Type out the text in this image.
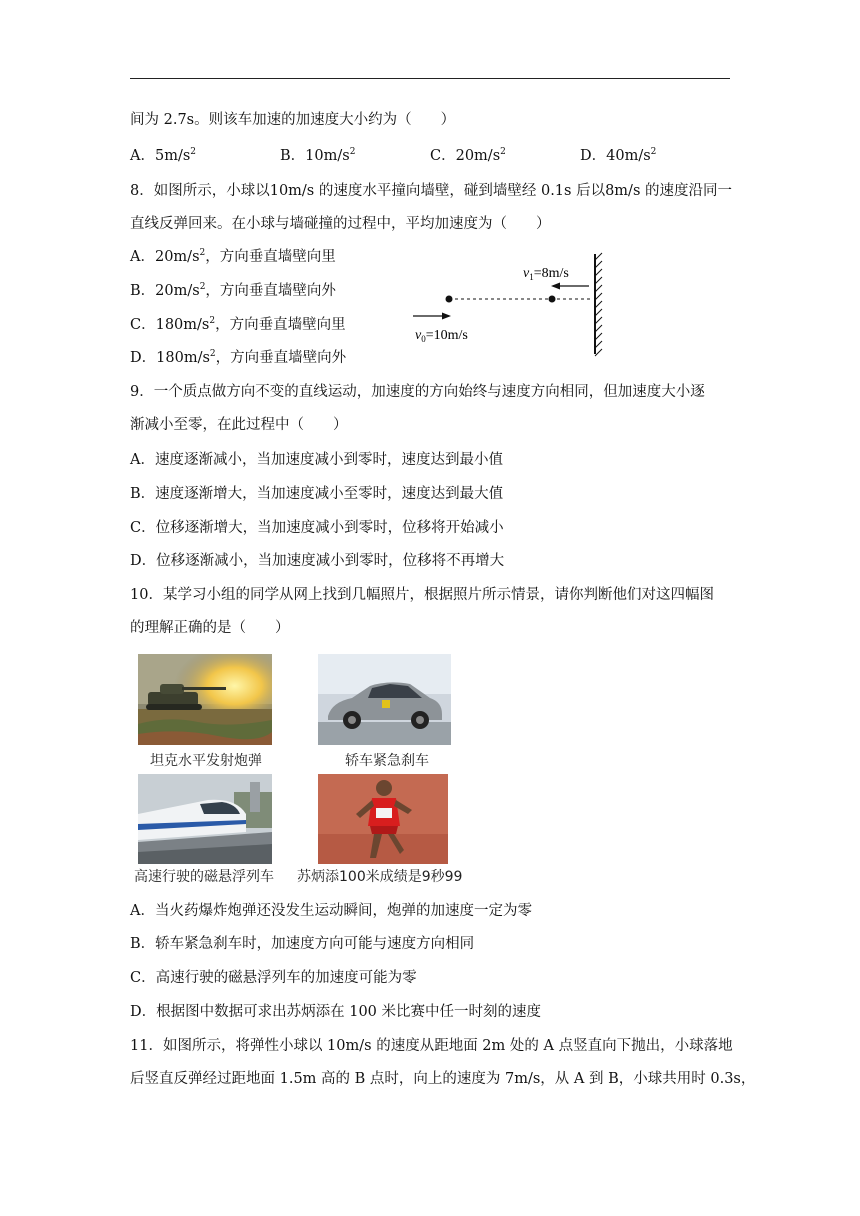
间为 2.7s。则该车加速的加速度大小约为（　　）
A．$5m/s^2$	B．$10m/s^2$	C．$20m/s^2$	D．$40m/s^2$
8．如图所示，小球以10m/s 的速度水平撞向墙壁，碰到墙壁经 0.1s 后以8m/s 的速度沿同一
直线反弹回来。在小球与墙碰撞的过程中，平均加速度为（　　）
A．$20m/s^2$，方向垂直墙壁向里
B．$20m/s^2$，方向垂直墙壁向外
C．$180m/s^2$，方向垂直墙壁向里
D．$180m/s^2$，方向垂直墙壁向外
$v_1=8m/s$
$v_0=10m/s$
9．一个质点做方向不变的直线运动，加速度的方向始终与速度方向相同，但加速度大小逐
渐减小至零，在此过程中（　　）
A．速度逐渐减小，当加速度减小到零时，速度达到最小值
B．速度逐渐增大，当加速度减小至零时，速度达到最大值
C．位移逐渐增大，当加速度减小到零时，位移将开始减小
D．位移逐渐减小，当加速度减小到零时，位移将不再增大
10．某学习小组的同学从网上找到几幅照片，根据照片所示情景，请你判断他们对这四幅图
的理解正确的是（　　）
坦克水平发射炮弹	轿车紧急刹车
高速行驶的磁悬浮列车 苏炳添100米成绩是9秒99
A．当火药爆炸炮弹还没发生运动瞬间，炮弹的加速度一定为零
B．轿车紧急刹车时，加速度方向可能与速度方向相同
C．高速行驶的磁悬浮列车的加速度可能为零
D．根据图中数据可求出苏炳添在 100 米比赛中任一时刻的速度
11．如图所示，将弹性小球以 10m/s 的速度从距地面 2m 处的 A 点竖直向下抛出，小球落地
后竖直反弹经过距地面 1.5m 高的 B 点时，向上的速度为 7m/s，从 A 到 B，小球共用时 0.3s，
